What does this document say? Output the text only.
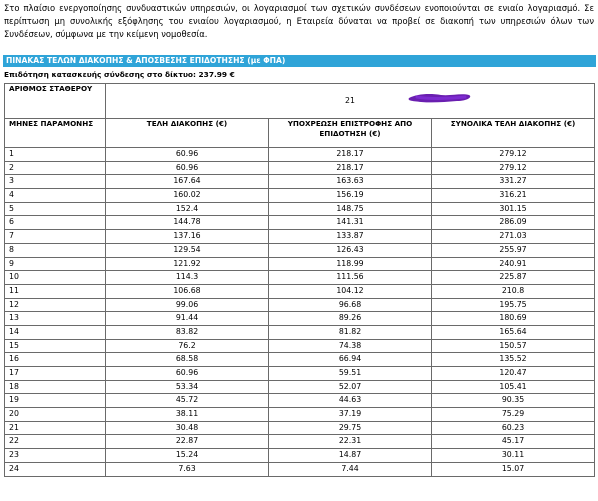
Στο πλαίσιο ενεργοποίησης συνδυαστικών υπηρεσιών, οι λογαριασμοί των σχετικών συνδέσεων ενοποιούνται σε ενιαίο λογαριασμό. Σε περίπτωση μη συνολικής εξόφλησης του ενιαίου λογαριασμού, η Εταιρεία δύναται να προβεί σε διακοπή των υπηρεσιών όλων των Συνδέσεων, σύμφωνα με την κείμενη νομοθεσία.
ΠΙΝΑΚΑΣ ΤΕΛΩΝ ΔΙΑΚΟΠΗΣ & ΑΠΟΣΒΕΣΗΣ ΕΠΙΔΟΤΗΣΗΣ (με ΦΠΑ)
Επιδότηση κατασκευής σύνδεσης στο δίκτυο: 237.99 €
ΑΡΙΘΜΟΣ ΣΤΑΘΕΡΟΥ	21		

ΜΗΝΕΣ ΠΑΡΑΜΟΝΗΣ	ΤΕΛΗ ΔΙΑΚΟΠΗΣ (€)	ΥΠΟΧΡΕΩΣΗ ΕΠΙΣΤΡΟΦΗΣ ΑΠΟ ΕΠΙΔΟΤΗΣΗ (€)	ΣΥΝΟΛΙΚΑ ΤΕΛΗ ΔΙΑΚΟΠΗΣ (€)
1	60.96	218.17	279.12
2	60.96	218.17	279.12
3	167.64	163.63	331.27
4	160.02	156.19	316.21
5	152.4	148.75	301.15
6	144.78	141.31	286.09
7	137.16	133.87	271.03
8	129.54	126.43	255.97
9	121.92	118.99	240.91
10	114.3	111.56	225.87
11	106.68	104.12	210.8
12	99.06	96.68	195.75
13	91.44	89.26	180.69
14	83.82	81.82	165.64
15	76.2	74.38	150.57
16	68.58	66.94	135.52
17	60.96	59.51	120.47
18	53.34	52.07	105.41
19	45.72	44.63	90.35
20	38.11	37.19	75.29
21	30.48	29.75	60.23
22	22.87	22.31	45.17
23	15.24	14.87	30.11
24	7.63	7.44	15.07
